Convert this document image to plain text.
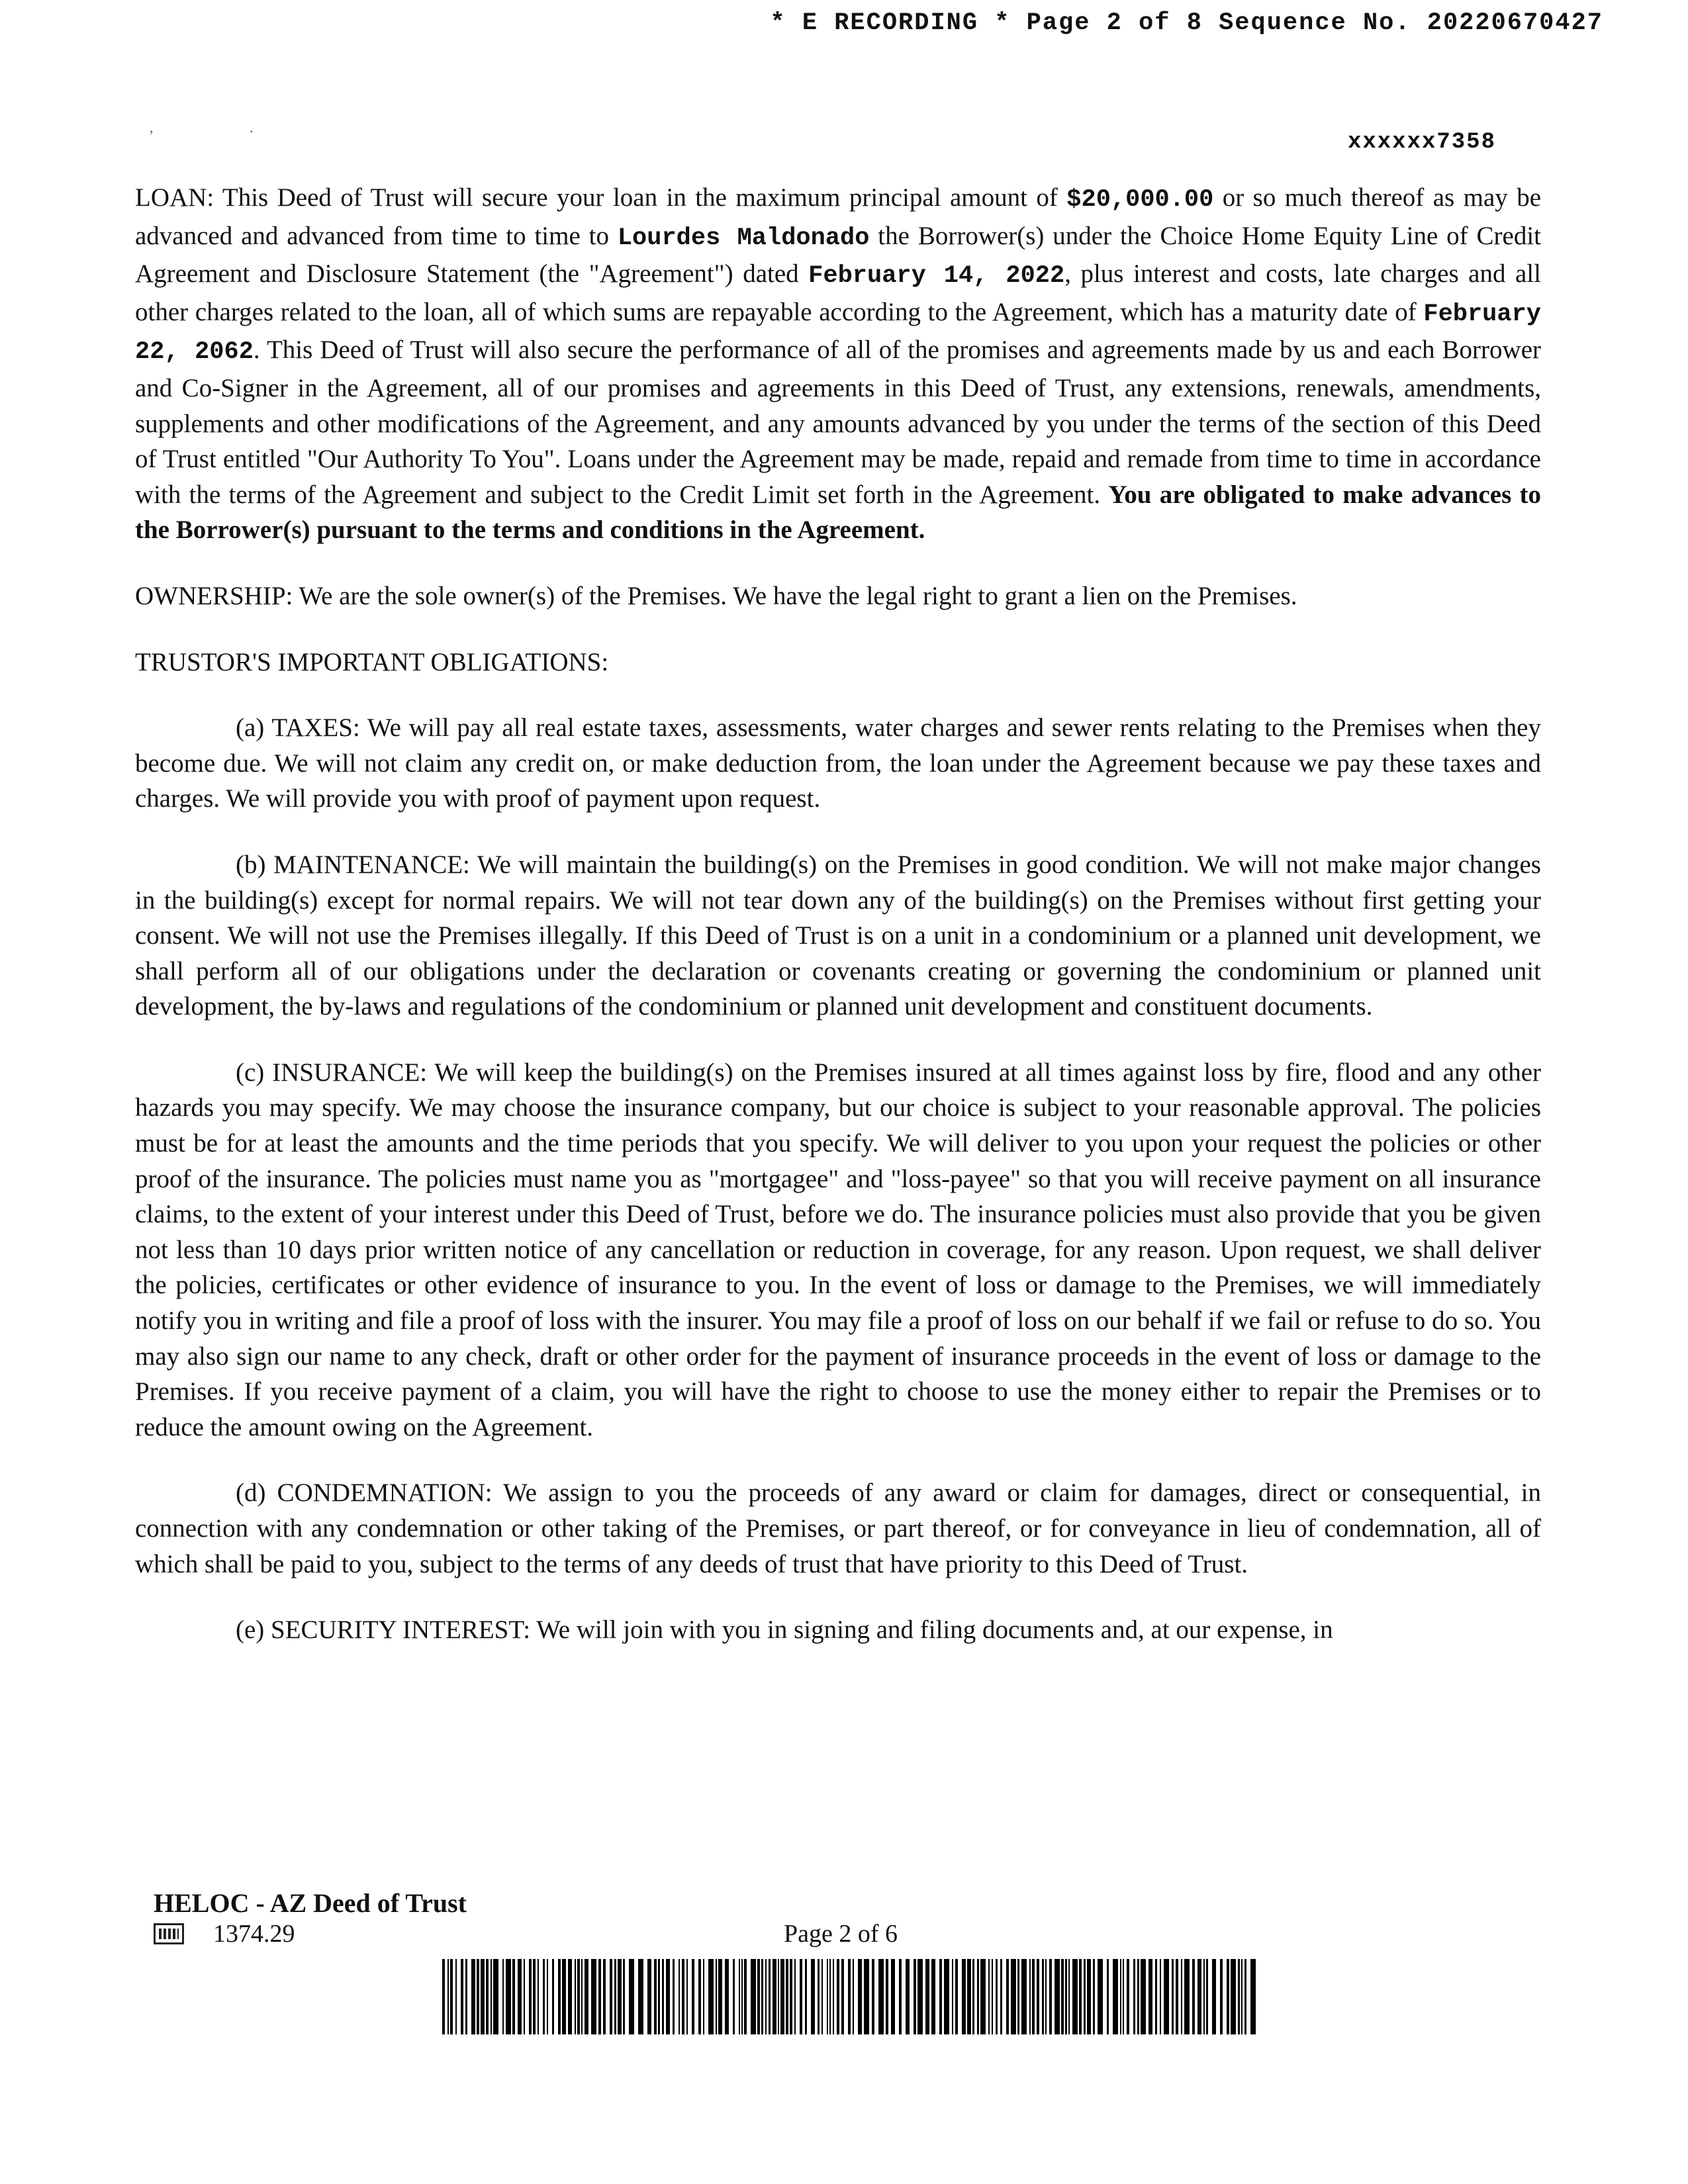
* E RECORDING * Page 2 of 8 Sequence No. 20220670427
,	.
xxxxxx7358

LOAN: This Deed of Trust will secure your loan in the maximum principal amount of $20,000.00 or so much thereof as may be advanced and advanced from time to time to Lourdes Maldonado the Borrower(s) under the Choice Home Equity Line of Credit Agreement and Disclosure Statement (the "Agreement") dated February 14, 2022, plus interest and costs, late charges and all other charges related to the loan, all of which sums are repayable according to the Agreement, which has a maturity date of February 22, 2062. This Deed of Trust will also secure the performance of all of the promises and agreements made by us and each Borrower and Co-Signer in the Agreement, all of our promises and agreements in this Deed of Trust, any extensions, renewals, amendments, supplements and other modifications of the Agreement, and any amounts advanced by you under the terms of the section of this Deed of Trust entitled "Our Authority To You". Loans under the Agreement may be made, repaid and remade from time to time in accordance with the terms of the Agreement and subject to the Credit Limit set forth in the Agreement. You are obligated to make advances to the Borrower(s) pursuant to the terms and conditions in the Agreement.

OWNERSHIP: We are the sole owner(s) of the Premises. We have the legal right to grant a lien on the Premises.

TRUSTOR'S IMPORTANT OBLIGATIONS:

(a) TAXES: We will pay all real estate taxes, assessments, water charges and sewer rents relating to the Premises when they become due. We will not claim any credit on, or make deduction from, the loan under the Agreement because we pay these taxes and charges. We will provide you with proof of payment upon request.

(b) MAINTENANCE: We will maintain the building(s) on the Premises in good condition. We will not make major changes in the building(s) except for normal repairs. We will not tear down any of the building(s) on the Premises without first getting your consent. We will not use the Premises illegally. If this Deed of Trust is on a unit in a condominium or a planned unit development, we shall perform all of our obligations under the declaration or covenants creating or governing the condominium or planned unit development, the by-laws and regulations of the condominium or planned unit development and constituent documents.

(c) INSURANCE: We will keep the building(s) on the Premises insured at all times against loss by fire, flood and any other hazards you may specify. We may choose the insurance company, but our choice is subject to your reasonable approval. The policies must be for at least the amounts and the time periods that you specify. We will deliver to you upon your request the policies or other proof of the insurance. The policies must name you as "mortgagee" and "loss-payee" so that you will receive payment on all insurance claims, to the extent of your interest under this Deed of Trust, before we do. The insurance policies must also provide that you be given not less than 10 days prior written notice of any cancellation or reduction in coverage, for any reason. Upon request, we shall deliver the policies, certificates or other evidence of insurance to you. In the event of loss or damage to the Premises, we will immediately notify you in writing and file a proof of loss with the insurer. You may file a proof of loss on our behalf if we fail or refuse to do so. You may also sign our name to any check, draft or other order for the payment of insurance proceeds in the event of loss or damage to the Premises. If you receive payment of a claim, you will have the right to choose to use the money either to repair the Premises or to reduce the amount owing on the Agreement.

(d) CONDEMNATION: We assign to you the proceeds of any award or claim for damages, direct or consequential, in connection with any condemnation or other taking of the Premises, or part thereof, or for conveyance in lieu of condemnation, all of which shall be paid to you, subject to the terms of any deeds of trust that have priority to this Deed of Trust.

(e) SECURITY INTEREST: We will join with you in signing and filing documents and, at our expense, in

HELOC - AZ Deed of Trust
1374.29	Page 2 of 6
